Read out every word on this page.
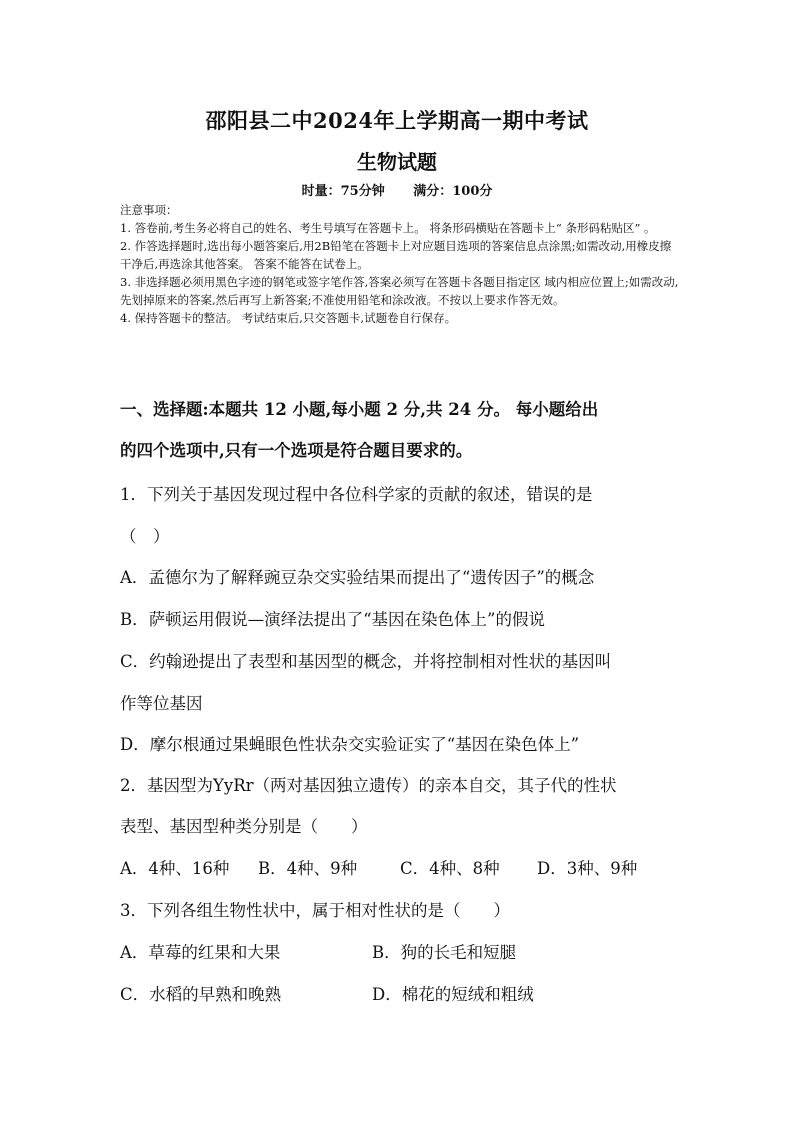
邵阳县二中2024年上学期高一期中考试
生物试题
时量：75分钟 满分：100分
注意事项：
1. 答卷前,考生务必将自己的姓名、考生号填写在答题卡上。 将条形码横贴在答题卡上“ 条形码粘贴区” 。
2. 作答选择题时,选出每小题答案后,用2B铅笔在答题卡上对应题目选项的答案信息点涂黑;如需改动,用橡皮擦干净后,再选涂其他答案。 答案不能答在试卷上。
3. 非选择题必须用黑色字迹的钢笔或签字笔作答,答案必须写在答题卡各题目指定区 域内相应位置上;如需改动,先划掉原来的答案,然后再写上新答案;不准使用铅笔和涂改液。不按以上要求作答无效。
4. 保持答题卡的整洁。 考试结束后,只交答题卡,试题卷自行保存。
一、选择题:本题共 12 小题,每小题 2 分,共 24 分。 每小题给出
的四个选项中,只有一个选项是符合题目要求的。
1．下列关于基因发现过程中各位科学家的贡献的叙述，错误的是
（　）
A．孟德尔为了解释豌豆杂交实验结果而提出了“遗传因子”的概念
B．萨顿运用假说—演绎法提出了“基因在染色体上”的假说
C．约翰逊提出了表型和基因型的概念，并将控制相对性状的基因叫
作等位基因
D．摩尔根通过果蝇眼色性状杂交实验证实了“基因在染色体上”
2．基因型为YyRr（两对基因独立遗传）的亲本自交，其子代的性状
表型、基因型种类分别是（　　）
A．4种、16种 B．4种、9种	C．4种、8种 D．3种、9种
3．下列各组生物性状中，属于相对性状的是（　　）
A．草莓的红果和大果	B．狗的长毛和短腿
C．水稻的早熟和晚熟	D．棉花的短绒和粗绒
